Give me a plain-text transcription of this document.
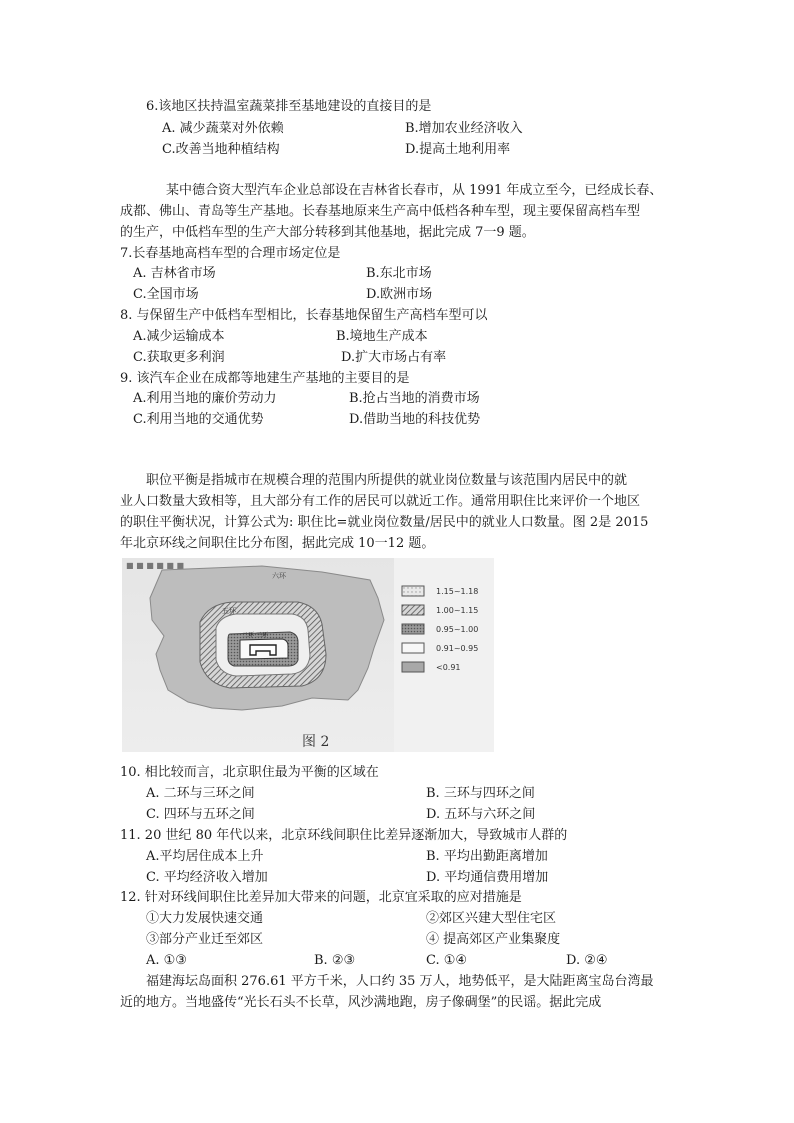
6.该地区扶持温室蔬菜排至基地建设的直接目的是
A. 减少蔬菜对外依赖	B.增加农业经济收入
C.改善当地种植结构	D.提高土地利用率
某中德合资大型汽车企业总部设在吉林省长春市，从 1991 年成立至今，已经成长春、
成都、佛山、青岛等生产基地。长春基地原来生产高中低档各种车型，现主要保留高档车型
的生产，中低档车型的生产大部分转移到其他基地，据此完成 7一9 题。
7.长春基地高档车型的合理市场定位是
A. 吉林省市场	B.东北市场
C.全国市场	D.欧洲市场
8. 与保留生产中低档车型相比，长春基地保留生产高档车型可以
A.减少运输成本	B.境地生产成本
C.获取更多利润	D.扩大市场占有率
9. 该汽车企业在成都等地建生产基地的主要目的是
A.利用当地的廉价劳动力	B.抢占当地的消费市场
C.利用当地的交通优势	D.借助当地的科技优势
职位平衡是指城市在规模合理的范围内所提供的就业岗位数量与该范围内居民中的就
业人口数量大致相等，且大部分有工作的居民可以就近工作。通常用职住比来评价一个地区
的职住平衡状况，计算公式为: 职住比=就业岗位数量/居民中的就业人口数量。图 2是 2015
年北京环线之间职住比分布图，据此完成 10一12 题。
■ ■ ■ ■ ■ ■
六环
五环
二环 三环
1.15~1.18
1.00~1.15
0.95~1.00
0.91~0.95
<0.91
图 2
10. 相比较而言，北京职住最为平衡的区域在
A. 二环与三环之间	B. 三环与四环之间
C. 四环与五环之间	D. 五环与六环之间
11. 20 世纪 80 年代以来，北京环线间职住比差异逐渐加大，导致城市人群的
A.平均居住成本上升	B. 平均出勤距离增加
C. 平均经济收入增加	D. 平均通信费用增加
12. 针对环线间职住比差异加大带来的问题，北京宜采取的应对措施是
①大力发展快速交通	②郊区兴建大型住宅区
③部分产业迁至郊区	④ 提高郊区产业集聚度
A. ①③	B. ②③	C. ①④	D. ②④
福建海坛岛面积 276.61 平方千米，人口约 35 万人，地势低平，是大陆距离宝岛台湾最
近的地方。当地盛传“光长石头不长草，风沙满地跑，房子像碉堡”的民谣。据此完成
